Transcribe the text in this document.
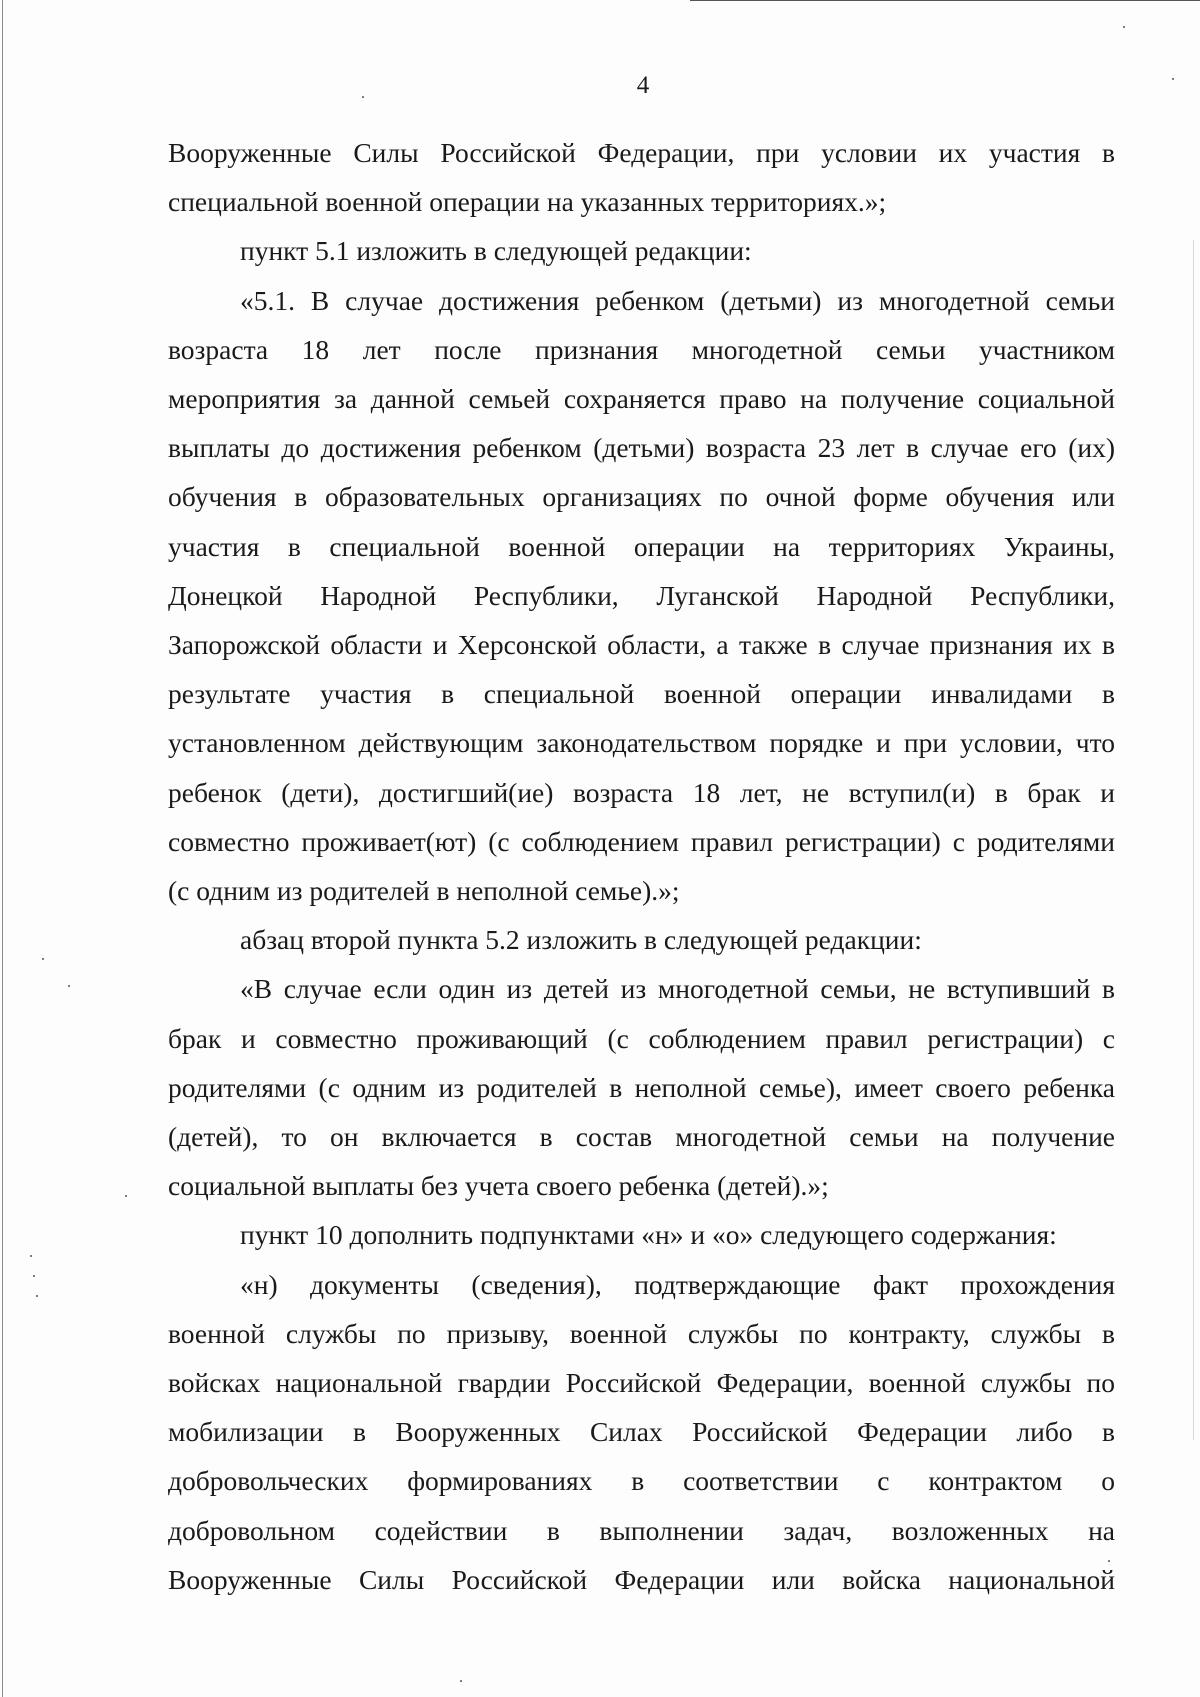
4

Вооруженные Силы Российской Федерации, при условии их участия в

специальной военной операции на указанных территориях.»;

пункт 5.1 изложить в следующей редакции:

«5.1. В случае достижения ребенком (детьми) из многодетной семьи

возраста 18 лет после признания многодетной семьи участником

мероприятия за данной семьей сохраняется право на получение социальной

выплаты до достижения ребенком (детьми) возраста 23 лет в случае его (их)

обучения в образовательных организациях по очной форме обучения или

участия в специальной военной операции на территориях Украины,

Донецкой Народной Республики, Луганской Народной Республики,

Запорожской области и Херсонской области, а также в случае признания их в

результате участия в специальной военной операции инвалидами в

установленном действующим законодательством порядке и при условии, что

ребенок (дети), достигший(ие) возраста 18 лет, не вступил(и) в брак и

совместно проживает(ют) (с соблюдением правил регистрации) с родителями

(с одним из родителей в неполной семье).»;

абзац второй пункта 5.2 изложить в следующей редакции:

«В случае если один из детей из многодетной семьи, не вступивший в

брак и совместно проживающий (с соблюдением правил регистрации) с

родителями (с одним из родителей в неполной семье), имеет своего ребенка

(детей), то он включается в состав многодетной семьи на получение

социальной выплаты без учета своего ребенка (детей).»;

пункт 10 дополнить подпунктами «н» и «о» следующего содержания:

«н) документы (сведения), подтверждающие факт прохождения

военной службы по призыву, военной службы по контракту, службы в

войсках национальной гвардии Российской Федерации, военной службы по

мобилизации в Вооруженных Силах Российской Федерации либо в

добровольческих формированиях в соответствии с контрактом о

добровольном содействии в выполнении задач, возложенных на

Вооруженные Силы Российской Федерации или войска национальной
